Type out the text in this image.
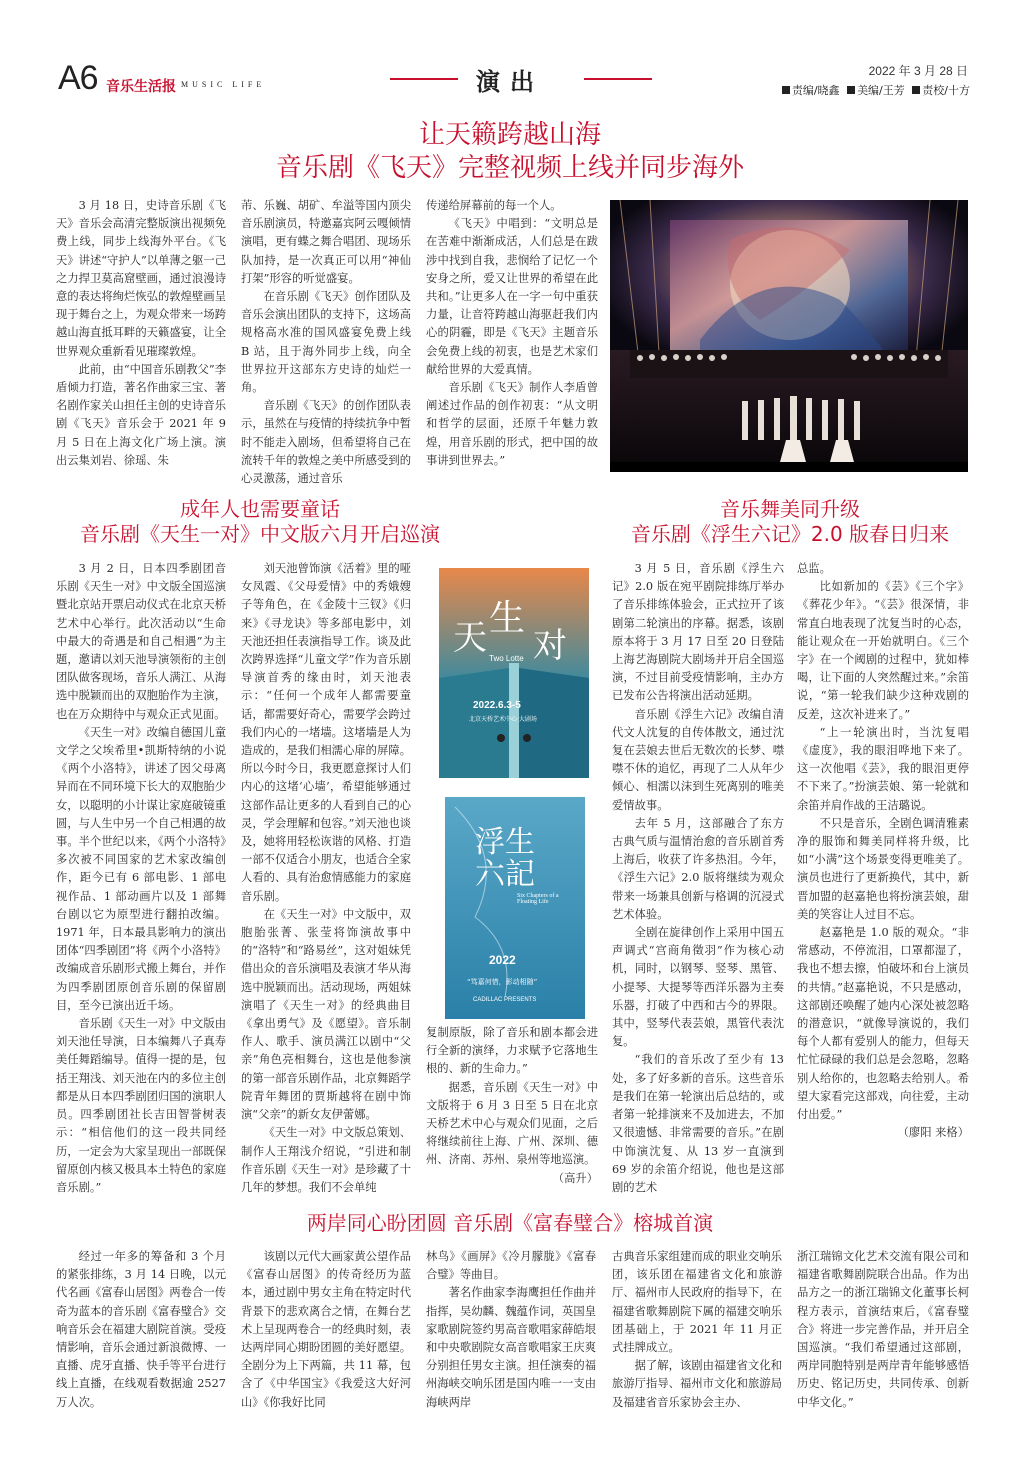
A6 音乐生活报 MUSIC LIFE	演出	2022 年 3 月 28 日
责编/晓鑫 美编/王芳 责校/十方
让天籁跨越山海
音乐剧《飞天》完整视频上线并同步海外

3 月 18 日，史诗音乐剧《飞天》音乐会高清完整版演出视频免费上线，同步上线海外平台。《飞天》讲述“守护人”以单薄之躯一己之力捍卫莫高窟壁画，通过浪漫诗意的表达将绚烂恢弘的敦煌壁画呈现于舞台之上，为观众带来一场跨越山海直抵耳畔的天籁盛宴，让全世界观众重新看见璀璨敦煌。

此前，由“中国音乐剧教父”李盾倾力打造，著名作曲家三宝、著名剧作家关山担任主创的史诗音乐剧《飞天》音乐会于 2021 年 9 月 5 日在上海文化广场上演。演出云集刘岩、徐瑶、朱

芾、乐巍、胡矿、牟溢等国内顶尖音乐剧演员，特邀嘉宾阿云嘎倾情演唱，更有蝶之舞合唱团、现场乐队加持，是一次真正可以用“神仙打架”形容的听觉盛宴。

在音乐剧《飞天》创作团队及音乐会演出团队的支持下，这场高规格高水准的国风盛宴免费上线 B 站，且于海外同步上线，向全世界拉开这部东方史诗的灿烂一角。

音乐剧《飞天》的创作团队表示，虽然在与疫情的持续抗争中暂时不能走入剧场，但希望将自己在流转千年的敦煌之美中所感受到的心灵激荡，通过音乐

传递给屏幕前的每一个人。

《飞天》中唱到：“文明总是在苦难中渐渐成活，人们总是在跋涉中找到自我，悲悯给了记忆一个安身之所，爱又让世界的希望在此共和。”让更多人在一字一句中重获力量，让音符跨越山海驱赶我们内心的阴霾，即是《飞天》主题音乐会免费上线的初衷，也是艺术家们献给世界的大爱真情。

音乐剧《飞天》制作人李盾曾阐述过作品的创作初衷：“从文明和哲学的层面，还原千年魅力敦煌，用音乐剧的形式，把中国的故事讲到世界去。”

成年人也需要童话
音乐剧《天生一对》中文版六月开启巡演

3 月 2 日，日本四季剧团音乐剧《天生一对》中文版全国巡演暨北京站开票启动仪式在北京天桥艺术中心举行。此次活动以“生命中最大的奇遇是和自己相遇”为主题，邀请以刘天池导演领衔的主创团队做客现场，音乐人满江、从海选中脱颖而出的双胞胎作为主演，也在万众期待中与观众正式见面。

《天生一对》改编自德国儿童文学之父埃希里•凯斯特纳的小说《两个小洛特》，讲述了因父母离异而在不同环境下长大的双胞胎少女，以聪明的小计谋让家庭破镜重圆，与人生中另一个自己相遇的故事。半个世纪以来，《两个小洛特》多次被不同国家的艺术家改编创作，距今已有 6 部电影、1 部电视作品、1 部动画片以及 1 部舞台剧以它为原型进行翻拍改编。1971 年，日本最具影响力的演出团体“四季剧团”将《两个小洛特》改编成音乐剧形式搬上舞台，并作为四季剧团原创音乐剧的保留剧目，至今已演出近千场。

音乐剧《天生一对》中文版由刘天池任导演，日本编舞八子真寿美任舞蹈编导。值得一提的是，包括王翔浅、刘天池在内的多位主创都是从日本四季剧团归国的演职人员。四季剧团社长吉田智誉树表示：“相信他们的这一段共同经历，一定会为大家呈现出一部既保留原创内核又极具本土特色的家庭音乐剧。”

刘天池曾饰演《活着》里的哑女凤霞、《父母爱情》中的秀娥嫂子等角色，在《金陵十三钗》《归来》《寻龙诀》等多部电影中，刘天池还担任表演指导工作。谈及此次跨界选择“儿童文学”作为音乐剧导演首秀的缘由时，刘天池表示：“任何一个成年人都需要童话，都需要好奇心，需要学会跨过我们内心的一堵墙。这堵墙是人为造成的，是我们相濡心扉的屏障。所以今时今日，我更愿意探讨人们内心的这堵‘心墙’，希望能够通过这部作品让更多的人看到自己的心灵，学会理解和包容。”刘天池也谈及，她将用轻松诙谐的风格、打造一部不仅适合小朋友，也适合全家人看的、具有治愈情感能力的家庭音乐剧。

在《天生一对》中文版中，双胞胎张菁、张莹将饰演故事中的“洛特”和“路易丝”，这对姐妹凭借出众的音乐演唱及表演才华从海选中脱颖而出。活动现场，两姐妹演唱了《天生一对》的经典曲目《拿出勇气》及《愿望》。音乐制作人、歌手、演员满江以剧中“父亲”角色亮相舞台，这也是他参演的第一部音乐剧作品，北京舞蹈学院青年舞团的贾斯越将在剧中饰演“父亲”的新女友伊蕾娜。

《天生一对》中文版总策划、制作人王翔浅介绍说，“引进和制作音乐剧《天生一对》是珍藏了十几年的梦想。我们不会单纯

复制原版，除了音乐和剧本都会进行全新的演绎，力求赋予它落地生根的、新的生命力。”

据悉，音乐剧《天生一对》中文版将于 6 月 3 日至 5 日在北京天桥艺术中心与观众们见面，之后将继续前往上海、广州、深圳、德州、济南、苏州、泉州等地巡演。

（高升）
天 生
对
Two Lotte
2022.6.3-5
北京天桥艺术中心·大剧场
浮生六記
Six Chapters of a Floating Life
2022
“笃嘉何惜，影动相随”
CADILLAC PRESENTS
音乐舞美同升级
音乐剧《浮生六记》2.0 版春日归来

3 月 5 日，音乐剧《浮生六记》2.0 版在宛平剧院排练厅举办了音乐排练体验会，正式拉开了该剧第二轮演出的序幕。据悉，该剧原本将于 3 月 17 日至 20 日登陆上海艺海剧院大剧场并开启全国巡演，不过目前受疫情影响，主办方已发布公告将演出活动延期。

音乐剧《浮生六记》改编自清代文人沈复的自传体散文，通过沈复在芸娘去世后无数次的长梦、噤噤不休的追忆，再现了二人从年少倾心、相濡以沫到生死离别的唯美爱情故事。

去年 5 月，这部融合了东方古典气质与温情治愈的音乐剧首秀上海后，收获了许多热泪。今年，《浮生六记》2.0 版将继续为观众带来一场兼具创新与格调的沉浸式艺术体验。

全剧在旋律创作上采用中国五声调式“宫商角徵羽”作为核心动机，同时，以钢琴、竖琴、黑管、小提琴、大提琴等西洋乐器为主奏乐器，打破了中西和古今的界限。其中，竖琴代表芸娘，黑管代表沈复。

“我们的音乐改了至少有 13 处，多了好多新的音乐。这些音乐是我们在第一轮演出后总结的，或者第一轮排演来不及加进去，不加又很遗憾、非常需要的音乐。”在剧中饰演沈复、从 13 岁一直演到 69 岁的余笛介绍说，他也是这部剧的艺术

总监。

比如新加的《芸》《三个字》《葬花少年》。“《芸》很深情，非常直白地表现了沈复当时的心态，能让观众在一开始就明白。《三个字》在一个阈剧的过程中，犹如棒喝，让下面的人突然醒过来。”余笛说，“第一轮我们缺少这种戏剧的反差，这次补进来了。”

“上一轮演出时，当沈复唱《虚度》，我的眼泪哗地下来了。这一次他唱《芸》，我的眼泪更停不下来了。”扮演芸娘、第一轮就和余笛并肩作战的王洁璐说。

不只是音乐，全剧色调清雅素净的服饰和舞美同样将升级，比如“小满”这个场景变得更唯美了。演员也进行了更新换代，其中，新晋加盟的赵嘉艳也将扮演芸娘，甜美的笑容让人过目不忘。

赵嘉艳是 1.0 版的观众。“非常感动，不停流泪，口罩都湿了，我也不想去擦，怕破坏和台上演员的共情。”赵嘉艳说，不只是感动，这部剧还唤醒了她内心深处被忽略的潜意识，“就像导演说的，我们每个人都有爱别人的能力，但每天忙忙碌碌的我们总是会忽略，忽略别人给你的，也忽略去给别人。希望大家看完这部戏，向往爱，主动付出爱。”

（廖阳 来格）
两岸同心盼团圆 音乐剧《富春璧合》榕城首演

经过一年多的筹备和 3 个月的紧张排练，3 月 14 日晚，以元代名画《富春山居图》两卷合一传奇为蓝本的音乐剧《富春璧合》交响音乐会在福建大剧院首演。受疫情影响，音乐会通过新浪微博、一直播、虎牙直播、快手等平台进行线上直播，在线观看数据逾 2527 万人次。

该剧以元代大画家黄公望作品《富春山居图》的传奇经历为蓝本，通过剧中男女主角在特定时代背景下的悲欢离合之情，在舞台艺术上呈现两卷合一的经典时刻，表达两岸同心期盼团圆的美好愿望。全剧分为上下两篇，共 11 幕，包含了《中华国宝》《我爱这大好河山》《你我好比同

林鸟》《画屏》《冷月朦胧》《富春合璧》等曲目。

著名作曲家李海鹰担任作曲并指挥，吴幼麟、魏蕴作词，英国皇家歌剧院签约男高音歌唱家薛皓垠和中央歌剧院女高音歌唱家王庆爽分别担任男女主演。担任演奏的福州海峡交响乐团是国内唯一一支由海峡两岸

古典音乐家组建而成的职业交响乐团，该乐团在福建省文化和旅游厅、福州市人民政府的指导下，在福建省歌舞剧院下属的福建交响乐团基础上，于 2021 年 11 月正式挂牌成立。

据了解，该剧由福建省文化和旅游厅指导、福州市文化和旅游局及福建省音乐家协会主办、

浙江瑞锦文化艺术交流有限公司和福建省歌舞剧院联合出品。作为出品方之一的浙江瑞锦文化董事长柯程方表示，首演结束后，《富春璧合》将进一步完善作品，并开启全国巡演。“我们希望通过这部剧，两岸同胞特别是两岸青年能够感悟历史、铭记历史，共同传承、创新中华文化。”
